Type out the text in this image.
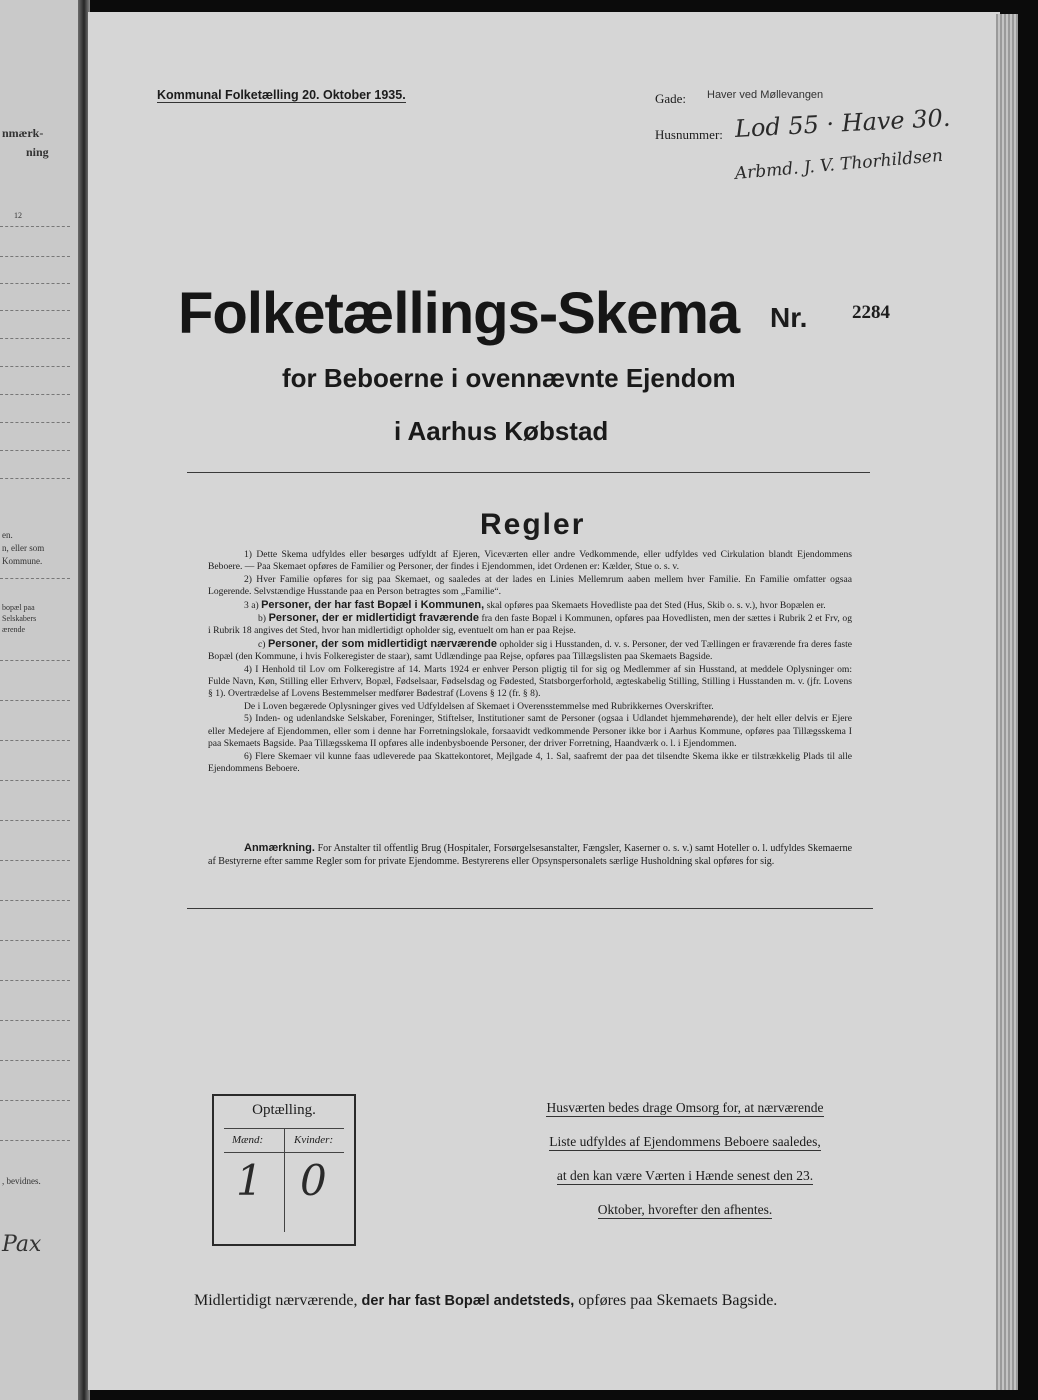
nmærk-
ning
12
en.
n, eller som
Kommune.
bopæl paa
Selskabers
ærende
, bevidnes.
Pax
Kommunal Folketælling 20. Oktober 1935.	Gade: Haver ved Møllevangen
Husnummer: Lod 55 · Have 30.
Arbmd. J. V. Thorhildsen
Folketællings-Skema Nr. 2284
for Beboerne i ovennævnte Ejendom
i Aarhus Købstad
Regler

1) Dette Skema udfyldes eller besørges udfyldt af Ejeren, Viceværten eller andre Vedkommende, eller udfyldes ved Cirkulation blandt Ejendommens Beboere. — Paa Skemaet opføres de Familier og Personer, der findes i Ejendommen, idet Ordenen er: Kælder, Stue o. s. v.

2) Hver Familie opføres for sig paa Skemaet, og saaledes at der lades en Linies Mellemrum aaben mellem hver Familie. En Familie omfatter ogsaa Logerende. Selvstændige Husstande paa en Person betragtes som „Familie“.

3 a) Personer, der har fast Bopæl i Kommunen, skal opføres paa Skemaets Hovedliste paa det Sted (Hus, Skib o. s. v.), hvor Bopælen er.

b) Personer, der er midlertidigt fraværende fra den faste Bopæl i Kommunen, opføres paa Hovedlisten, men der sættes i Rubrik 2 et Frv, og i Rubrik 18 angives det Sted, hvor han midlertidigt opholder sig, eventuelt om han er paa Rejse.

c) Personer, der som midlertidigt nærværende opholder sig i Husstanden, d. v. s. Personer, der ved Tællingen er fraværende fra deres faste Bopæl (den Kommune, i hvis Folkeregister de staar), samt Udlændinge paa Rejse, opføres paa Tillægslisten paa Skemaets Bagside.

4) I Henhold til Lov om Folkeregistre af 14. Marts 1924 er enhver Person pligtig til for sig og Medlemmer af sin Husstand, at meddele Oplysninger om: Fulde Navn, Køn, Stilling eller Erhverv, Bopæl, Fødselsaar, Fødselsdag og Fødested, Statsborgerforhold, ægteskabelig Stilling, Stilling i Husstanden m. v. (jfr. Lovens § 1). Overtrædelse af Lovens Bestemmelser medfører Bødestraf (Lovens § 12 (fr. § 8).

De i Loven begærede Oplysninger gives ved Udfyldelsen af Skemaet i Overensstemmelse med Rubrikkernes Overskrifter.

5) Inden- og udenlandske Selskaber, Foreninger, Stiftelser, Institutioner samt de Personer (ogsaa i Udlandet hjemmehørende), der helt eller delvis er Ejere eller Medejere af Ejendommen, eller som i denne har Forretningslokale, forsaavidt vedkommende Personer ikke bor i Aarhus Kommune, opføres paa Tillægsskema I paa Skemaets Bagside. Paa Tillægsskema II opføres alle indenbysboende Personer, der driver Forretning, Haandværk o. l. i Ejendommen.

6) Flere Skemaer vil kunne faas udleverede paa Skattekontoret, Mejlgade 4, 1. Sal, saafremt der paa det tilsendte Skema ikke er tilstrækkelig Plads til alle Ejendommens Beboere.

Anmærkning. For Anstalter til offentlig Brug (Hospitaler, Forsørgelsesanstalter, Fængsler, Kaserner o. s. v.) samt Hoteller o. l. udfyldes Skemaerne af Bestyrerne efter samme Regler som for private Ejendomme. Bestyrerens eller Opsynspersonalets særlige Husholdning skal opføres for sig.

Optælling.
Mænd:	Kvinder:
1 0

Husværten bedes drage Omsorg for, at nærværende

Liste udfyldes af Ejendommens Beboere saaledes,

at den kan være Værten i Hænde senest den 23.

Oktober, hvorefter den afhentes.

Midlertidigt nærværende, der har fast Bopæl andetsteds, opføres paa Skemaets Bagside.
